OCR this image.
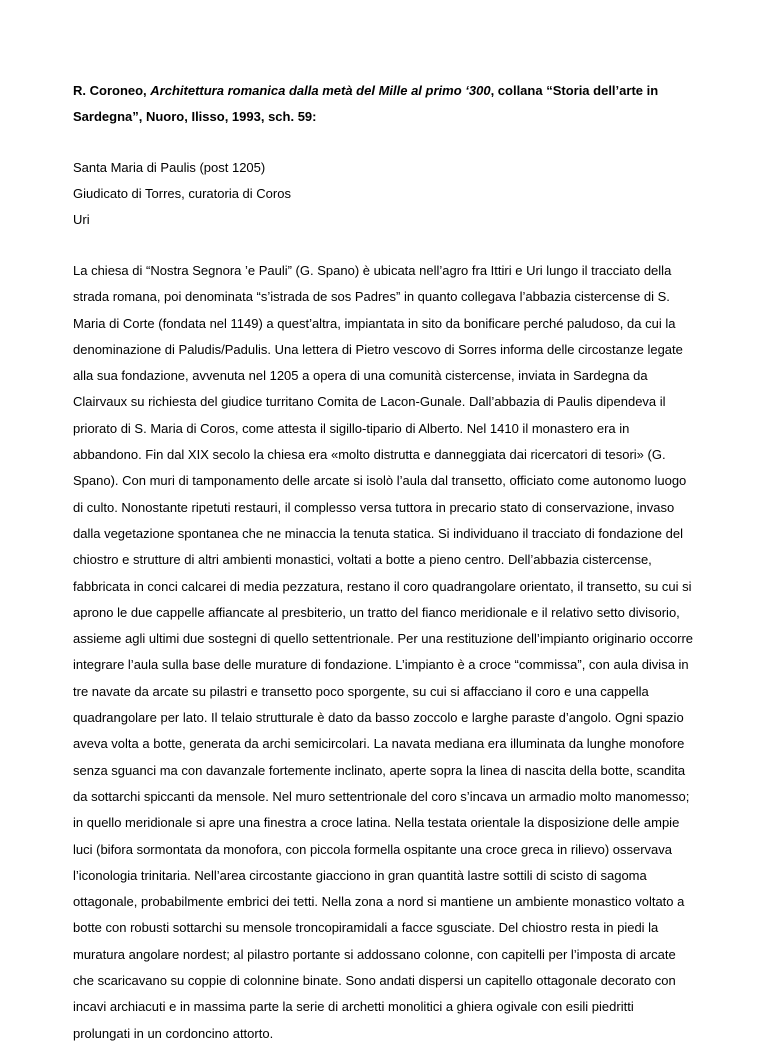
R. Coroneo, Architettura romanica dalla metà del Mille al primo ‘300, collana “Storia dell’arte in Sardegna”, Nuoro, Ilisso, 1993, sch. 59:

Santa Maria di Paulis (post 1205)
Giudicato di Torres, curatoria di Coros
Uri

La chiesa di “Nostra Segnora ’e Pauli” (G. Spano) è ubicata nell’agro fra Ittiri e Uri lungo il tracciato della strada romana, poi denominata “s’istrada de sos Padres” in quanto collegava l’abbazia cistercense di S. Maria di Corte (fondata nel 1149) a quest’altra, impiantata in sito da bonificare perché paludoso, da cui la denominazione di Paludis/Padulis. Una lettera di Pietro vescovo di Sorres informa delle circostanze legate alla sua fondazione, avvenuta nel 1205 a opera di una comunità cistercense, inviata in Sardegna da Clairvaux su richiesta del giudice turritano Comita de Lacon-Gunale. Dall’abbazia di Paulis dipendeva il priorato di S. Maria di Coros, come attesta il sigillo-tipario di Alberto. Nel 1410 il monastero era in abbandono. Fin dal XIX secolo la chiesa era «molto distrutta e danneggiata dai ricercatori di tesori» (G. Spano). Con muri di tamponamento delle arcate si isolò l’aula dal transetto, officiato come autonomo luogo di culto. Nonostante ripetuti restauri, il complesso versa tuttora in precario stato di conservazione, invaso dalla vegetazione spontanea che ne minaccia la tenuta statica. Si individuano il tracciato di fondazione del chiostro e strutture di altri ambienti monastici, voltati a botte a pieno centro. Dell’abbazia cistercense, fabbricata in conci calcarei di media pezzatura, restano il coro quadrangolare orientato, il transetto, su cui si aprono le due cappelle affiancate al presbiterio, un tratto del fianco meridionale e il relativo setto divisorio, assieme agli ultimi due sostegni di quello settentrionale. Per una restituzione dell’impianto originario occorre integrare l’aula sulla base delle murature di fondazione. L’impianto è a croce “commissa”, con aula divisa in tre navate da arcate su pilastri e transetto poco sporgente, su cui si affacciano il coro e una cappella quadrangolare per lato. Il telaio strutturale è dato da basso zoccolo e larghe paraste d’angolo. Ogni spazio aveva volta a botte, generata da archi semicircolari. La navata mediana era illuminata da lunghe monofore senza sguanci ma con davanzale fortemente inclinato, aperte sopra la linea di nascita della botte, scandita da sottarchi spiccanti da mensole. Nel muro settentrionale del coro s’incava un armadio molto manomesso; in quello meridionale si apre una finestra a croce latina. Nella testata orientale la disposizione delle ampie luci (bifora sormontata da monofora, con piccola formella ospitante una croce greca in rilievo) osservava l’iconologia trinitaria. Nell’area circostante giacciono in gran quantità lastre sottili di scisto di sagoma ottagonale, probabilmente embrici dei tetti. Nella zona a nord si mantiene un ambiente monastico voltato a botte con robusti sottarchi su mensole troncopiramidali a facce sgusciate. Del chiostro resta in piedi la muratura angolare nordest; al pilastro portante si addossano colonne, con capitelli per l’imposta di arcate che scaricavano su coppie di colonnine binate. Sono andati dispersi un capitello ottagonale decorato con incavi archiacuti e in massima parte la serie di archetti monolitici a ghiera ogivale con esili piedritti prolungati in un cordoncino attorto.
